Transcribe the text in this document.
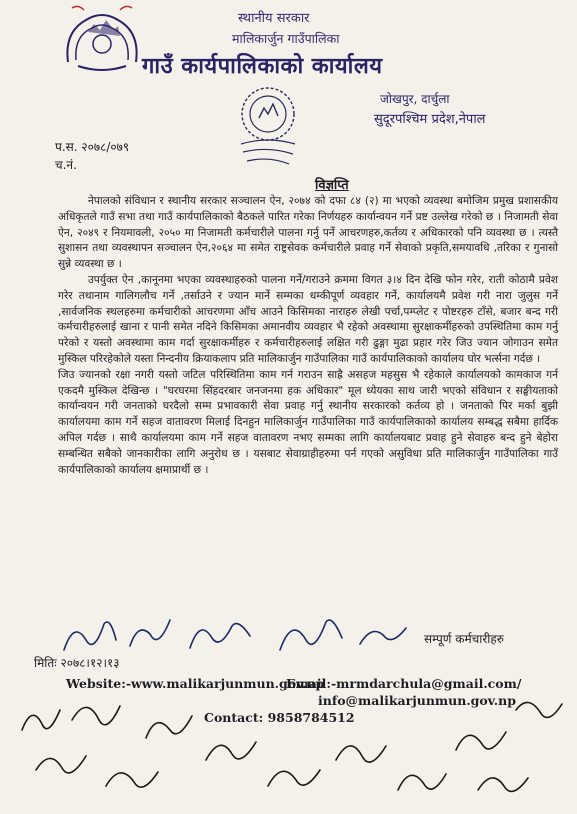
स्थानीय सरकार
मालिकार्जुन गाउँपालिका
गाउँ कार्यपालिकाको कार्यालय
जोखपुर, दार्चुला
सुदूरपश्चिम प्रदेश,नेपाल
प.स. २०७८/०७९
च.नं.
विज्ञप्ति

नेपालको संविधान र स्थानीय सरकार सञ्चालन ऐन, २०७४ को दफा ८४ (२) मा भएको व्यवस्था बमोजिम प्रमुख प्रशासकीय अधिकृतले गाउँ सभा तथा गाउँ कार्यपालिकाको बैठकले पारित गरेका निर्णयहरु कार्यान्वयन गर्ने प्रष्ट उल्लेख गरेको छ । निजामती सेवा ऐन, २०४९ र नियमावली, २०५० मा निजामती कर्मचारीले पालना गर्नु पर्ने आचरणहरु,कर्तव्य र अधिकारको पनि व्यवस्था छ । त्यस्तै सुशासन तथा व्यवस्थापन सञ्चालन ऐन,२०६४ मा समेत राष्ट्रसेवक कर्मचारीले प्रवाह गर्ने सेवाको प्रकृति,समयावधि ,तरिका र गुनासो सुन्ने व्यवस्था छ ।

उपर्युक्त ऐन ,कानूनमा भएका व्यवस्थाहरुको पालना गर्ने/गराउने क्रममा विगत ३।४ दिन देखि फोन गरेर, राती कोठामै प्रवेश गरेर तथानाम गालिगलौच गर्ने ,तर्साउने र ज्यान मार्ने सम्मका धम्कीपूर्ण व्यवहार गर्ने, कार्यालयमै प्रवेश गरी नारा जुलुस गर्ने ,सार्वजनिक स्थलहरुमा कर्मचारीको आचरणमा आँच आउने किसिमका नाराहरु लेखी पर्चा,पम्प्लेट र पोष्टरहरु टाँसे, बजार बन्द गरी कर्मचारीहरुलाई खाना र पानी समेत नदिने किसिमका अमानवीय व्यवहार भै रहेको अवस्थामा सुरक्षाकर्मीहरुको उपस्थितिमा काम गर्नु परेको र यस्तो अवस्थामा काम गर्दा सुरक्षाकर्मीहरु र कर्मचारीहरुलाई लक्षित गरी ढुङ्गा मुढा प्रहार गरेर जिउ ज्यान जोगाउन समेत मुस्किल परिरहेकोले यस्ता निन्दनीय क्रियाकलाप प्रति मालिकार्जुन गाउँपालिका गाउँ कार्यपालिकाको कार्यालय घोर भर्त्सना गर्दछ ।

जिउ ज्यानको रक्षा नगरी यस्तो जटिल परिस्थितिमा काम गर्न गराउन साह्रै असहज महसुस भै रहेकाले कार्यालयको कामकाज गर्न एकदमै मुस्किल देखिन्छ । "घरघरमा सिंहदरबार जनजनमा हक अधिकार" मूल ध्येयका साथ जारी भएको संविधान र सङ्घीयताको कार्यान्वयन गरी जनताको घरदैलो सम्म प्रभावकारी सेवा प्रवाह गर्नु स्थानीय सरकारको कर्तव्य हो । जनताको पिर मर्का बुझी कार्यालयमा काम गर्ने सहज वातावरण मिलाई दिनहुन मालिकार्जुन गाउँपालिका गाउँ कार्यपालिकाको कार्यालय सम्बद्ध सबैमा हार्दिक अपिल गर्दछ । साथै कार्यालयमा काम गर्ने सहज वातावरण नभए सम्मका लागि कार्यालयबाट प्रवाह हुने सेवाहरु बन्द हुने बेहोरा सम्बन्धित सबैको जानकारीका लागि अनुरोध छ । यसबाट सेवाग्राहीहरुमा पर्न गएको असुविधा प्रति मालिकार्जुन गाउँपालिका गाउँ कार्यपालिकाको कार्यालय क्षमाप्रार्थी छ ।

सम्पूर्ण कर्मचारीहरु
मितिः २०७८।१२।१३
Website:-www.malikarjunmun.gov.np
Email:-mrmdarchula@gmail.com/
info@malikarjunmun.gov.np
Contact: 9858784512
